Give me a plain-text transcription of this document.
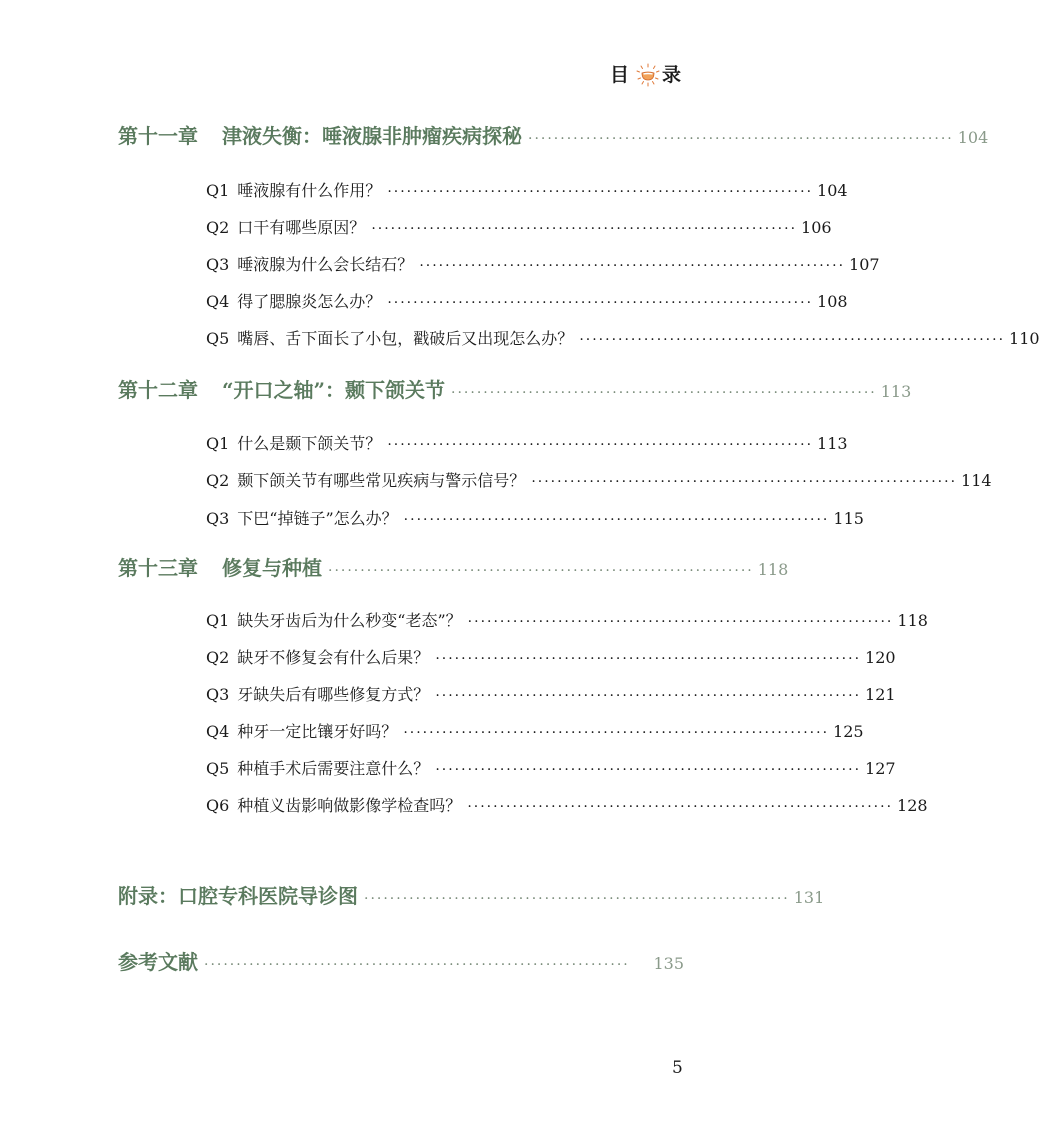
目 录
第十一章 津液失衡：唾液腺非肿瘤疾病探秘 ·································································· 104
Q1 唾液腺有什么作用？ ·································································· 104
Q2 口干有哪些原因？ ·································································· 106
Q3 唾液腺为什么会长结石？ ·································································· 107
Q4 得了腮腺炎怎么办？ ·································································· 108
Q5 嘴唇、舌下面长了小包，戳破后又出现怎么办？ ·································································· 110
第十二章 “开口之轴”：颞下颌关节 ·································································· 113
Q1 什么是颞下颌关节？ ·································································· 113
Q2 颞下颌关节有哪些常见疾病与警示信号？ ·································································· 114
Q3 下巴“掉链子”怎么办？ ·································································· 115
第十三章 修复与种植 ·································································· 118
Q1 缺失牙齿后为什么秒变“老态”？ ·································································· 118
Q2 缺牙不修复会有什么后果？ ·································································· 120
Q3 牙缺失后有哪些修复方式？ ·································································· 121
Q4 种牙一定比镶牙好吗？ ·································································· 125
Q5 种植手术后需要注意什么？ ·································································· 127
Q6 种植义齿影响做影像学检查吗？ ·································································· 128
附录：口腔专科医院导诊图 ·································································· 131
参考文献 ··································································	135
5
